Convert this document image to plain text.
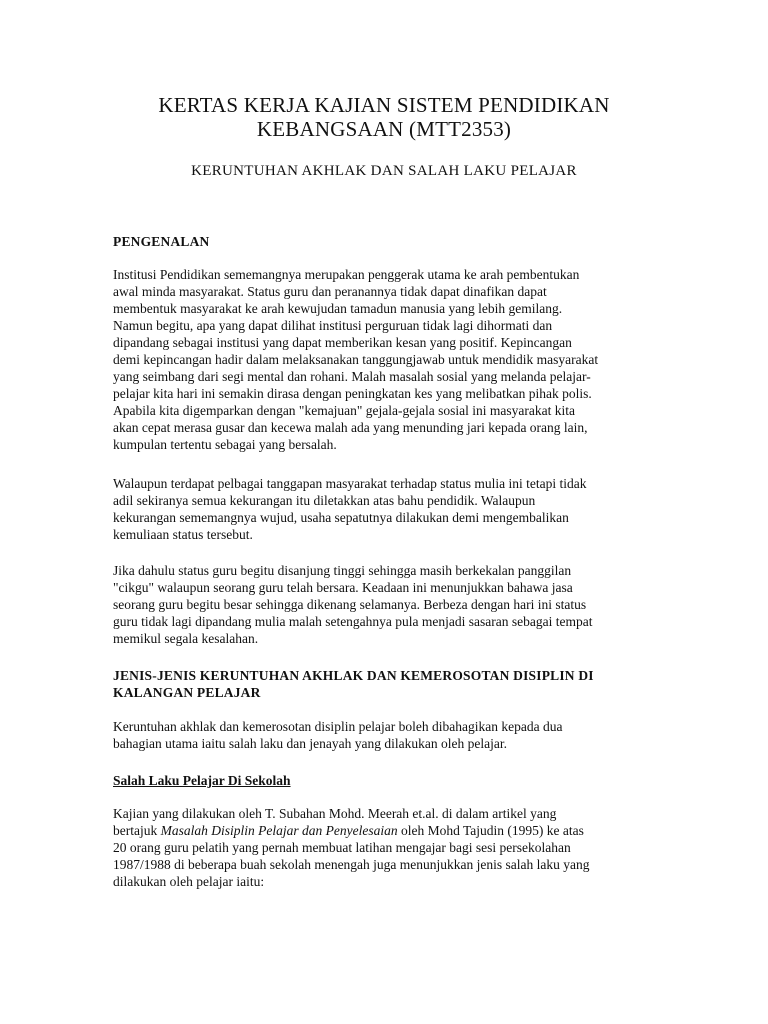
KERTAS KERJA KAJIAN SISTEM PENDIDIKAN
KEBANGSAAN (MTT2353)
KERUNTUHAN AKHLAK DAN SALAH LAKU PELAJAR
PENGENALAN
Institusi Pendidikan sememangnya merupakan penggerak utama ke arah pembentukan
awal minda masyarakat. Status guru dan peranannya tidak dapat dinafikan dapat
membentuk masyarakat ke arah kewujudan tamadun manusia yang lebih gemilang.
Namun begitu, apa yang dapat dilihat institusi perguruan tidak lagi dihormati dan
dipandang sebagai institusi yang dapat memberikan kesan yang positif. Kepincangan
demi kepincangan hadir dalam melaksanakan tanggungjawab untuk mendidik masyarakat
yang seimbang dari segi mental dan rohani. Malah masalah sosial yang melanda pelajar-
pelajar kita hari ini semakin dirasa dengan peningkatan kes yang melibatkan pihak polis.
Apabila kita digemparkan dengan "kemajuan" gejala-gejala sosial ini masyarakat kita
akan cepat merasa gusar dan kecewa malah ada yang menunding jari kepada orang lain,
kumpulan tertentu sebagai yang bersalah.
Walaupun terdapat pelbagai tanggapan masyarakat terhadap status mulia ini tetapi tidak
adil sekiranya semua kekurangan itu diletakkan atas bahu pendidik. Walaupun
kekurangan sememangnya wujud, usaha sepatutnya dilakukan demi mengembalikan
kemuliaan status tersebut.
Jika dahulu status guru begitu disanjung tinggi sehingga masih berkekalan panggilan
"cikgu" walaupun seorang guru telah bersara. Keadaan ini menunjukkan bahawa jasa
seorang guru begitu besar sehingga dikenang selamanya. Berbeza dengan hari ini status
guru tidak lagi dipandang mulia malah setengahnya pula menjadi sasaran sebagai tempat
memikul segala kesalahan.
JENIS-JENIS KERUNTUHAN AKHLAK DAN KEMEROSOTAN DISIPLIN DI
KALANGAN PELAJAR
Keruntuhan akhlak dan kemerosotan disiplin pelajar boleh dibahagikan kepada dua
bahagian utama iaitu salah laku dan jenayah yang dilakukan oleh pelajar.
Salah Laku Pelajar Di Sekolah
Kajian yang dilakukan oleh T. Subahan Mohd. Meerah et.al. di dalam artikel yang
bertajuk Masalah Disiplin Pelajar dan Penyelesaian oleh Mohd Tajudin (1995) ke atas
20 orang guru pelatih yang pernah membuat latihan mengajar bagi sesi persekolahan
1987/1988 di beberapa buah sekolah menengah juga menunjukkan jenis salah laku yang
dilakukan oleh pelajar iaitu:
